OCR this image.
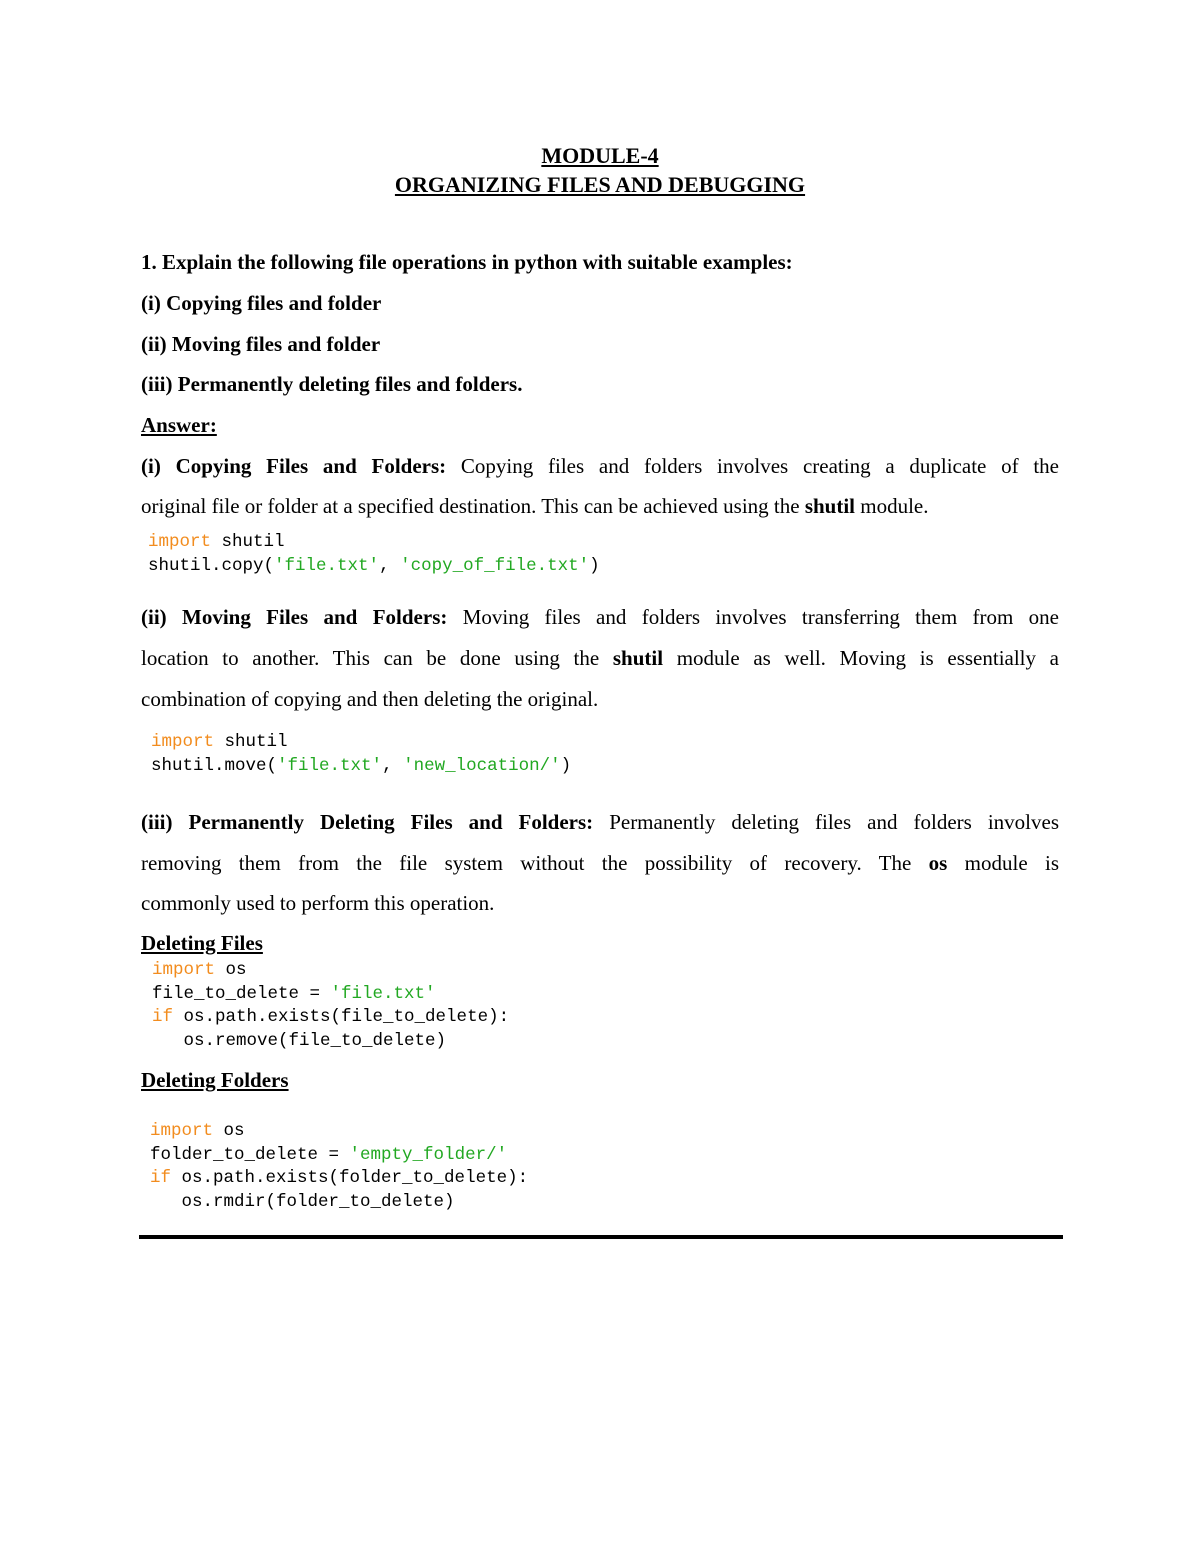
MODULE-4
ORGANIZING FILES AND DEBUGGING
1. Explain the following file operations in python with suitable examples:
(i) Copying files and folder
(ii) Moving files and folder
(iii) Permanently deleting files and folders.
Answer:
(i) Copying Files and Folders: Copying files and folders involves creating a duplicate of the
original file or folder at a specified destination. This can be achieved using the shutil module.
import shutil
shutil.copy('file.txt', 'copy_of_file.txt')
(ii) Moving Files and Folders: Moving files and folders involves transferring them from one
location to another. This can be done using the shutil module as well. Moving is essentially a
combination of copying and then deleting the original.
import shutil
shutil.move('file.txt', 'new_location/')
(iii) Permanently Deleting Files and Folders: Permanently deleting files and folders involves
removing them from the file system without the possibility of recovery. The os module is
commonly used to perform this operation.
Deleting Files
import os
file_to_delete = 'file.txt'
if os.path.exists(file_to_delete):
os.remove(file_to_delete)
Deleting Folders
import os
folder_to_delete = 'empty_folder/'
if os.path.exists(folder_to_delete):
os.rmdir(folder_to_delete)
